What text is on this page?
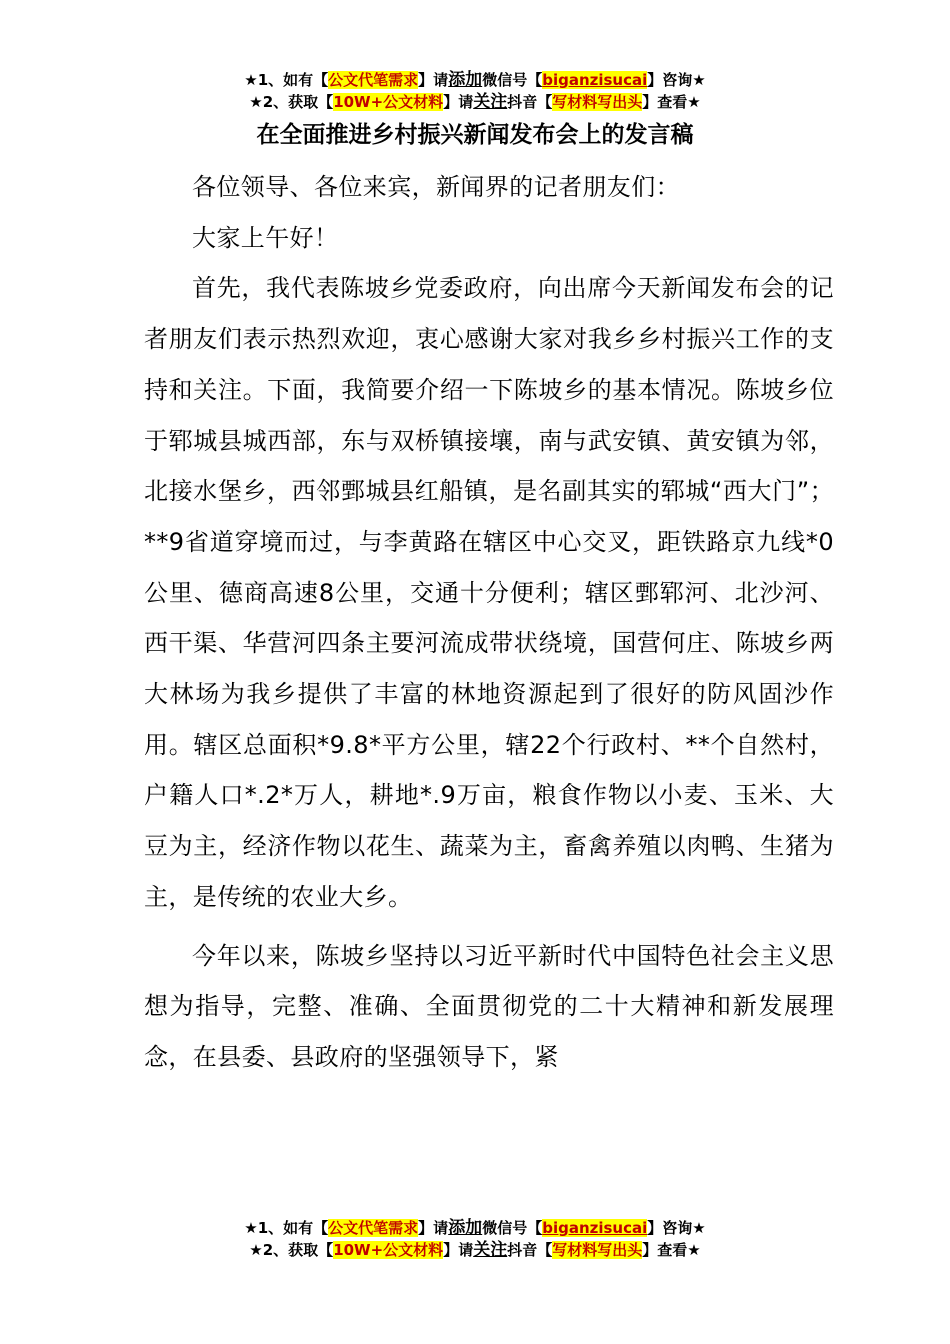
★1、如有【公文代笔需求】请添加微信号【biganzisucai】咨询★
★2、获取【10W+公文材料】请关注抖音【写材料写出头】查看★
在全面推进乡村振兴新闻发布会上的发言稿

各位领导、各位来宾，新闻界的记者朋友们：

大家上午好！

首先，我代表陈坡乡党委政府，向出席今天新闻发布会的记者朋友们表示热烈欢迎，衷心感谢大家对我乡乡村振兴工作的支持和关注。下面，我简要介绍一下陈坡乡的基本情况。陈坡乡位于郓城县城西部，东与双桥镇接壤，南与武安镇、黄安镇为邻，北接水堡乡，西邻鄄城县红船镇，是名副其实的郓城“西大门”；**9省道穿境而过，与李黄路在辖区中心交叉，距铁路京九线*0公里、德商高速8公里，交通十分便利；辖区鄄郓河、北沙河、西干渠、华营河四条主要河流成带状绕境，国营何庄、陈坡乡两大林场为我乡提供了丰富的林地资源起到了很好的防风固沙作用。辖区总面积*9.8*平方公里，辖22个行政村、**个自然村，户籍人口*.2*万人，耕地*.9万亩，粮食作物以小麦、玉米、大豆为主，经济作物以花生、蔬菜为主，畜禽养殖以肉鸭、生猪为主，是传统的农业大乡。

今年以来，陈坡乡坚持以习近平新时代中国特色社会主义思想为指导，完整、准确、全面贯彻党的二十大精神和新发展理念，在县委、县政府的坚强领导下，紧

★1、如有【公文代笔需求】请添加微信号【biganzisucai】咨询★
★2、获取【10W+公文材料】请关注抖音【写材料写出头】查看★
